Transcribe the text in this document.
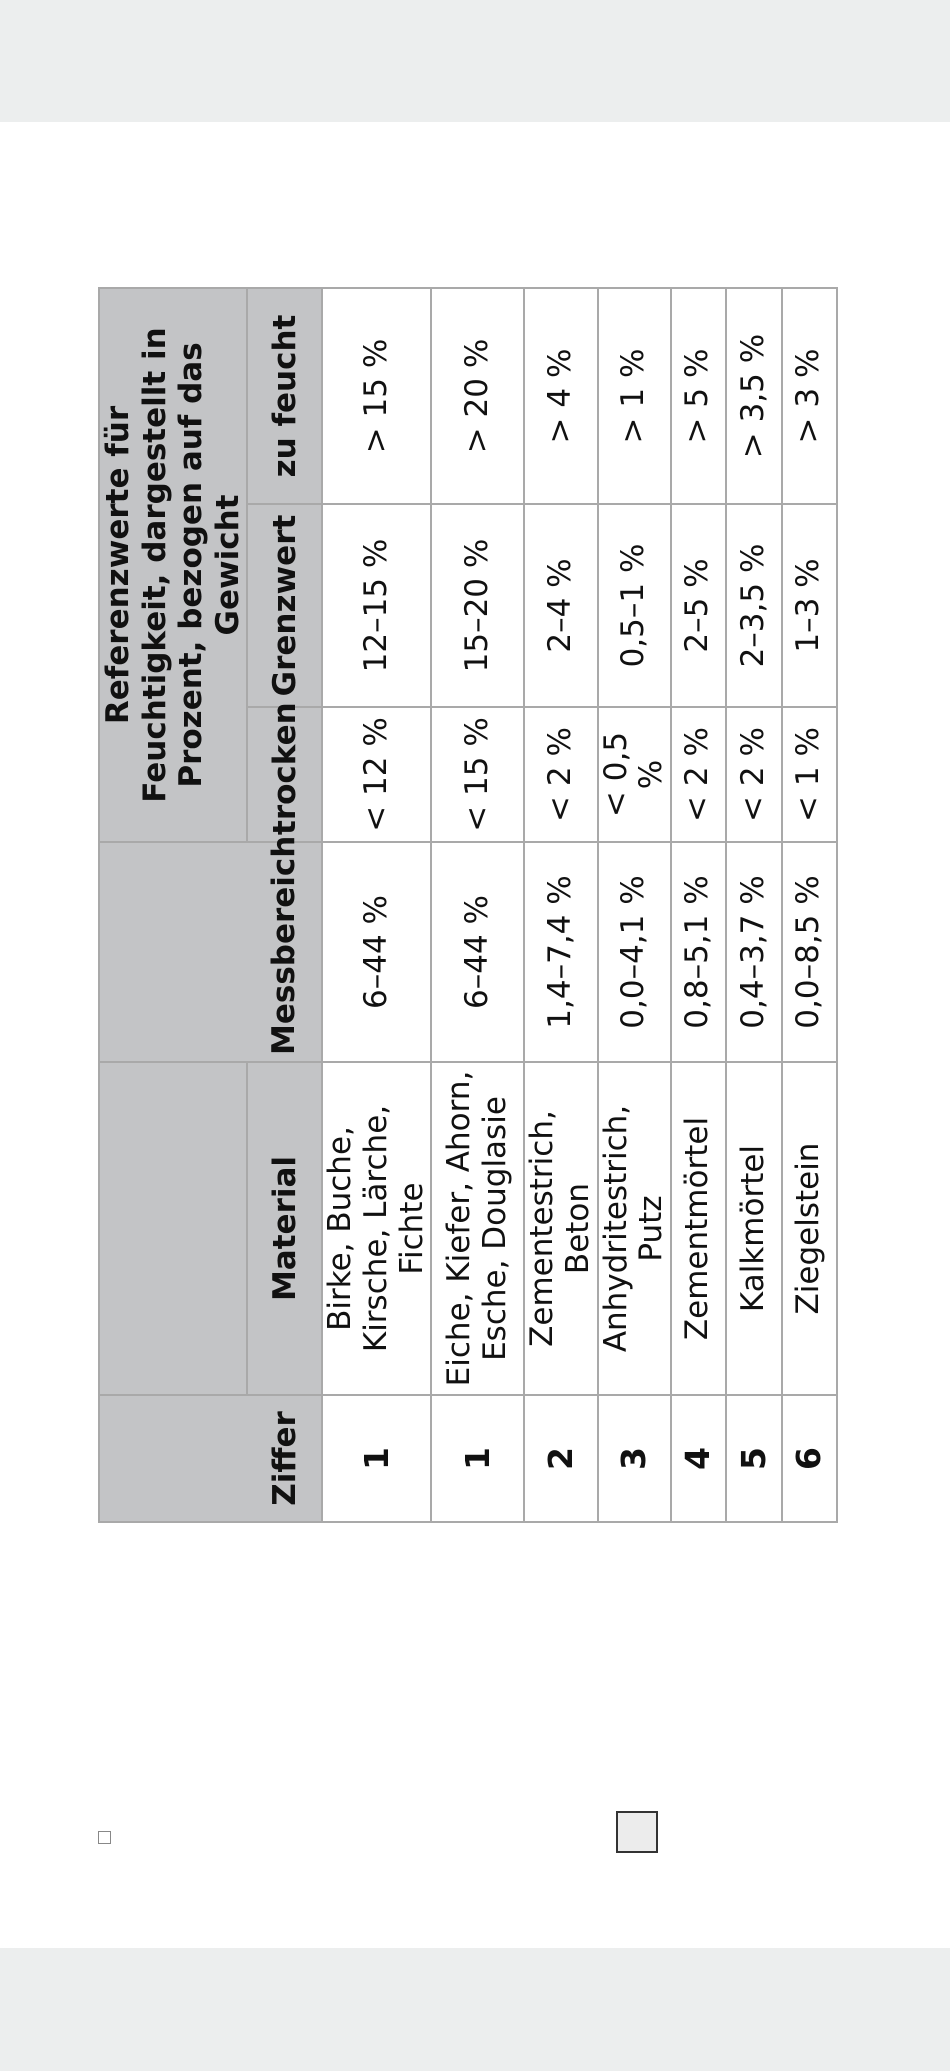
Ziffer			Referenzwerte für Feuchtigkeit, dargestellt in Prozent, bezogen auf das Gewicht		
	Material	Messbereich	trocken	Grenzwert	zu feucht
1	Birke, Buche, Kirsche, Lärche, Fichte	6–44 %	< 12 %	12–15 %	> 15 %
1	Eiche, Kiefer, Ahorn, Esche, Douglasie	6–44 %	< 15 %	15–20 %	> 20 %
2	Zementestrich, Beton	1,4–7,4 %	< 2 %	2–4 %	> 4 %
3	Anhydritestrich, Putz	0,0–4,1 %	< 0,5 %	0,5–1 %	> 1 %
4	Zementmörtel	0,8–5,1 %	< 2 %	2–5 %	> 5 %
5	Kalkmörtel	0,4–3,7 %	< 2 %	2–3,5 %	> 3,5 %
6	Ziegelstein	0,0–8,5 %	< 1 %	1–3 %	> 3 %
